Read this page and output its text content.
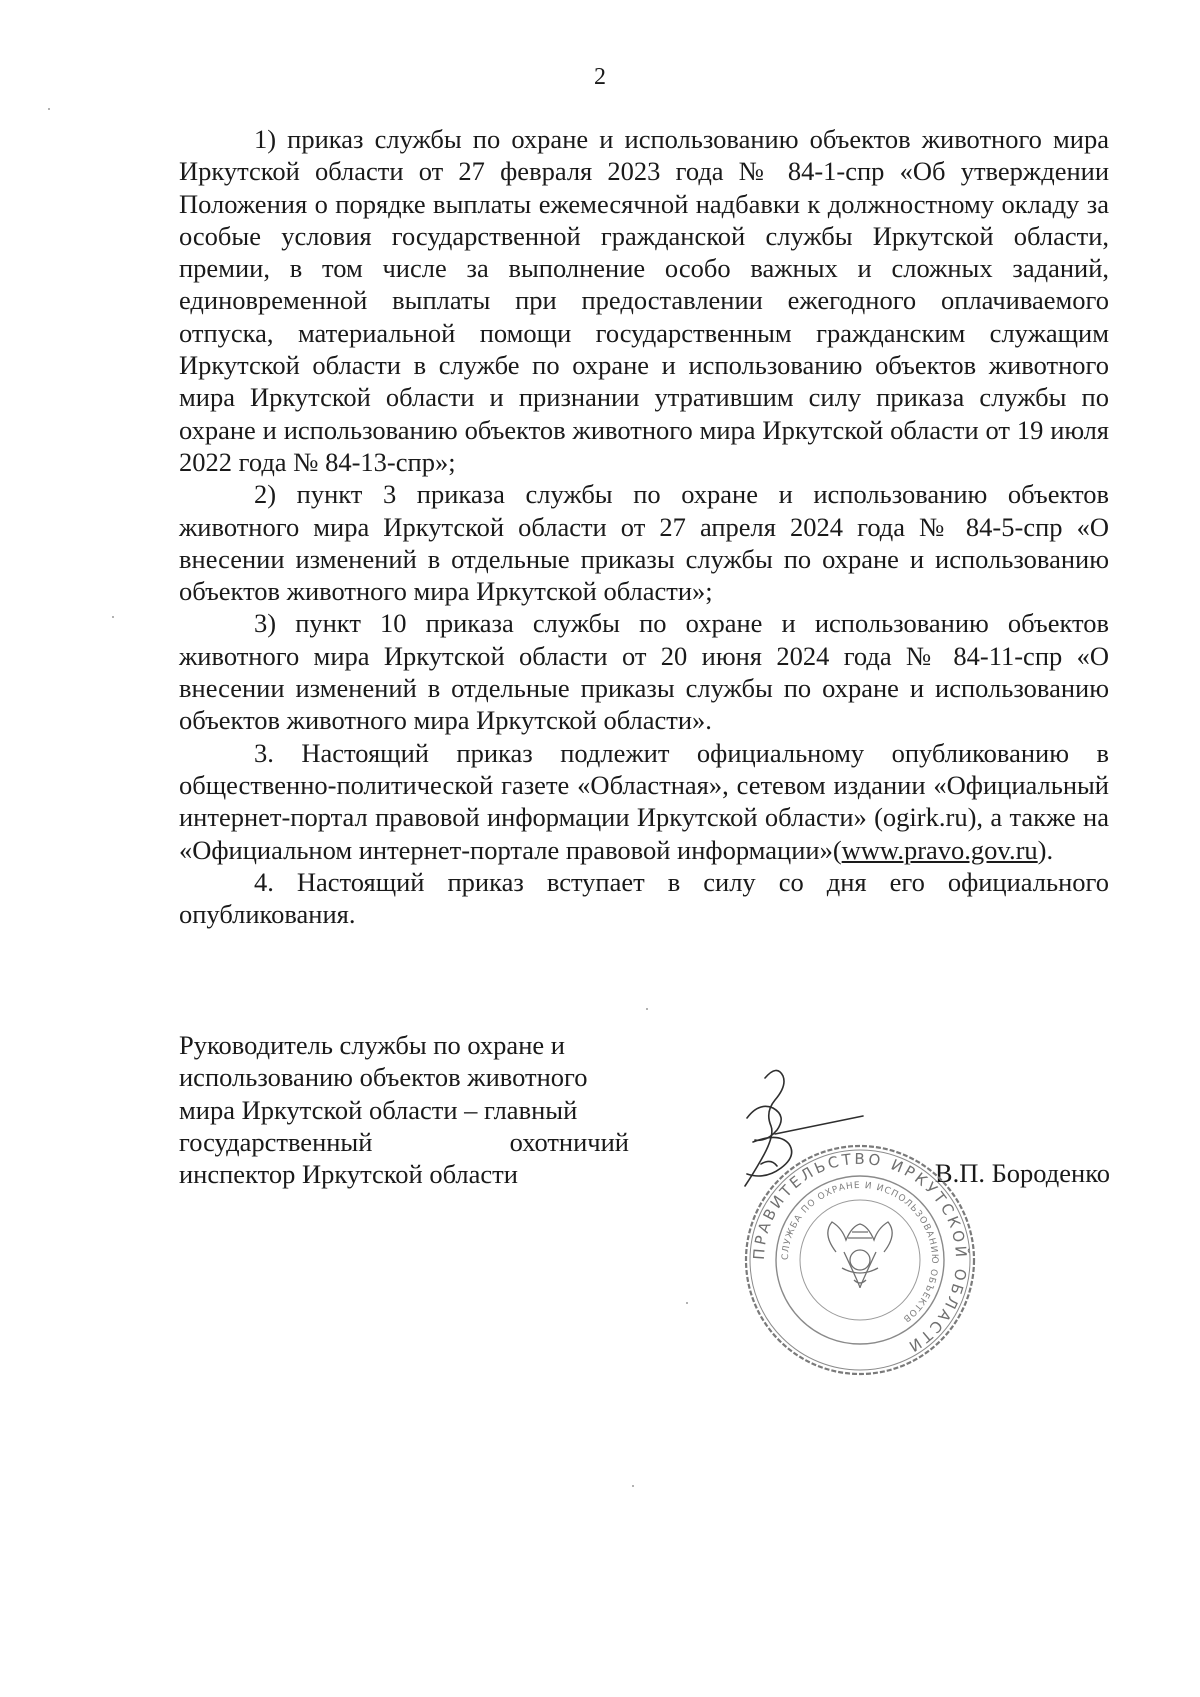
2

1) приказ службы по охране и использованию объектов животного мира Иркутской области от 27 февраля 2023 года № 84-1-спр «Об утверждении Положения о порядке выплаты ежемесячной надбавки к должностному окладу за особые условия государственной гражданской службы Иркутской области, премии, в том числе за выполнение особо важных и сложных заданий, единовременной выплаты при предоставлении ежегодного оплачиваемого отпуска, материальной помощи государственным гражданским служащим Иркутской области в службе по охране и использованию объектов животного мира Иркутской области и признании утратившим силу приказа службы по охране и использованию объектов животного мира Иркутской области от 19 июля 2022 года № 84-13-спр»;

2) пункт 3 приказа службы по охране и использованию объектов животного мира Иркутской области от 27 апреля 2024 года № 84-5-спр «О внесении изменений в отдельные приказы службы по охране и использованию объектов животного мира Иркутской области»;

3) пункт 10 приказа службы по охране и использованию объектов животного мира Иркутской области от 20 июня 2024 года № 84-11-спр «О внесении изменений в отдельные приказы службы по охране и использованию объектов животного мира Иркутской области».

3. Настоящий приказ подлежит официальному опубликованию в общественно-политической газете «Областная», сетевом издании «Официальный интернет-портал правовой информации Иркутской области» (ogirk.ru), а также на «Официальном интернет-портале правовой информации»(www.pravo.gov.ru).

4. Настоящий приказ вступает в силу со дня его официального опубликования.

Руководитель службы по охране и
использованию объектов животного
мира Иркутской области – главный
государственный охотничий
инспектор Иркутской области	В.П. Бороденко
ПРАВИТЕЛЬСТВО ИРКУТСКОЙ ОБЛАСТИ
СЛУЖБА ПО ОХРАНЕ И ИСПОЛЬЗОВАНИЮ ОБЪЕКТОВ
